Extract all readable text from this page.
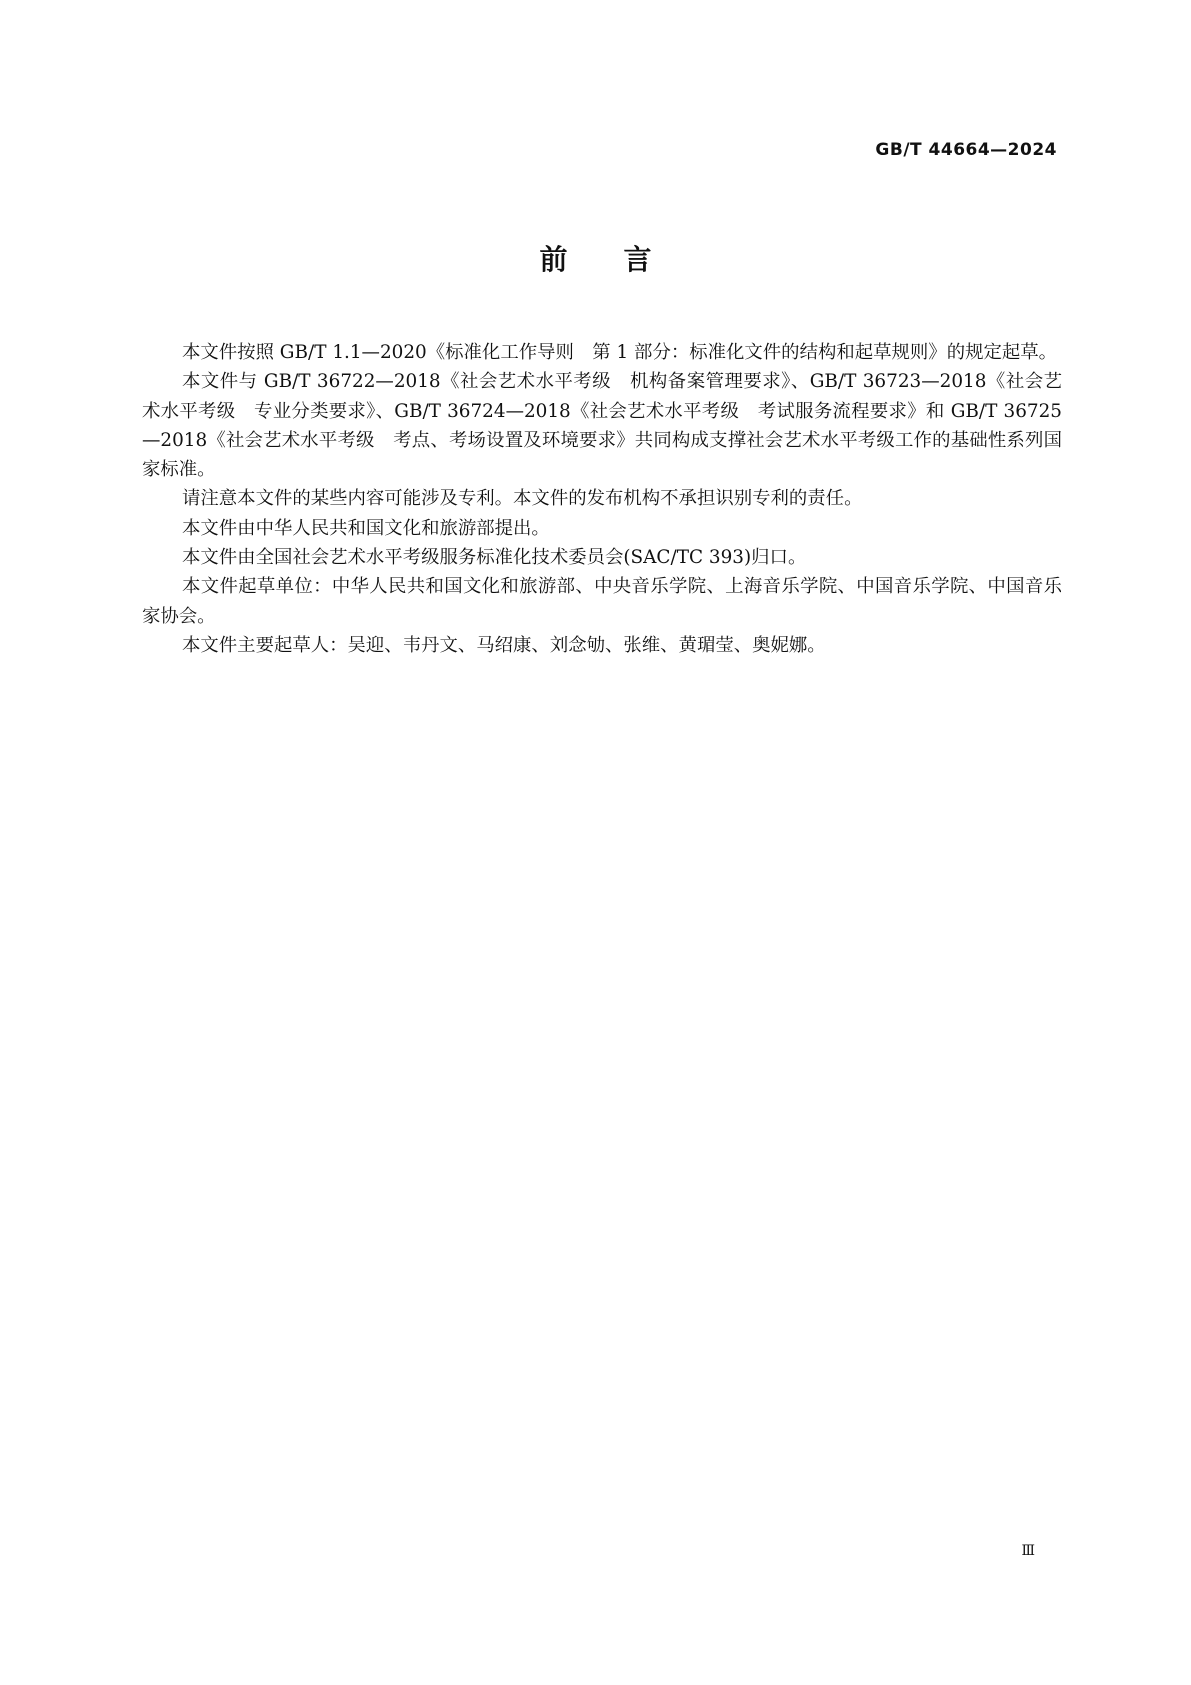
GB/T 44664—2024
前言

本文件按照 GB/T 1.1—2020《标准化工作导则　第 1 部分：标准化文件的结构和起草规则》的规定起草。

本文件与 GB/T 36722—2018《社会艺术水平考级　机构备案管理要求》、GB/T 36723—2018《社会艺术水平考级　专业分类要求》、GB/T 36724—2018《社会艺术水平考级　考试服务流程要求》和 GB/T 36725—2018《社会艺术水平考级　考点、考场设置及环境要求》共同构成支撑社会艺术水平考级工作的基础性系列国家标准。

请注意本文件的某些内容可能涉及专利。本文件的发布机构不承担识别专利的责任。

本文件由中华人民共和国文化和旅游部提出。

本文件由全国社会艺术水平考级服务标准化技术委员会(SAC/TC 393)归口。

本文件起草单位：中华人民共和国文化和旅游部、中央音乐学院、上海音乐学院、中国音乐学院、中国音乐家协会。

本文件主要起草人：吴迎、韦丹文、马绍康、刘念劬、张维、黄瑂莹、奥妮娜。

Ⅲ
